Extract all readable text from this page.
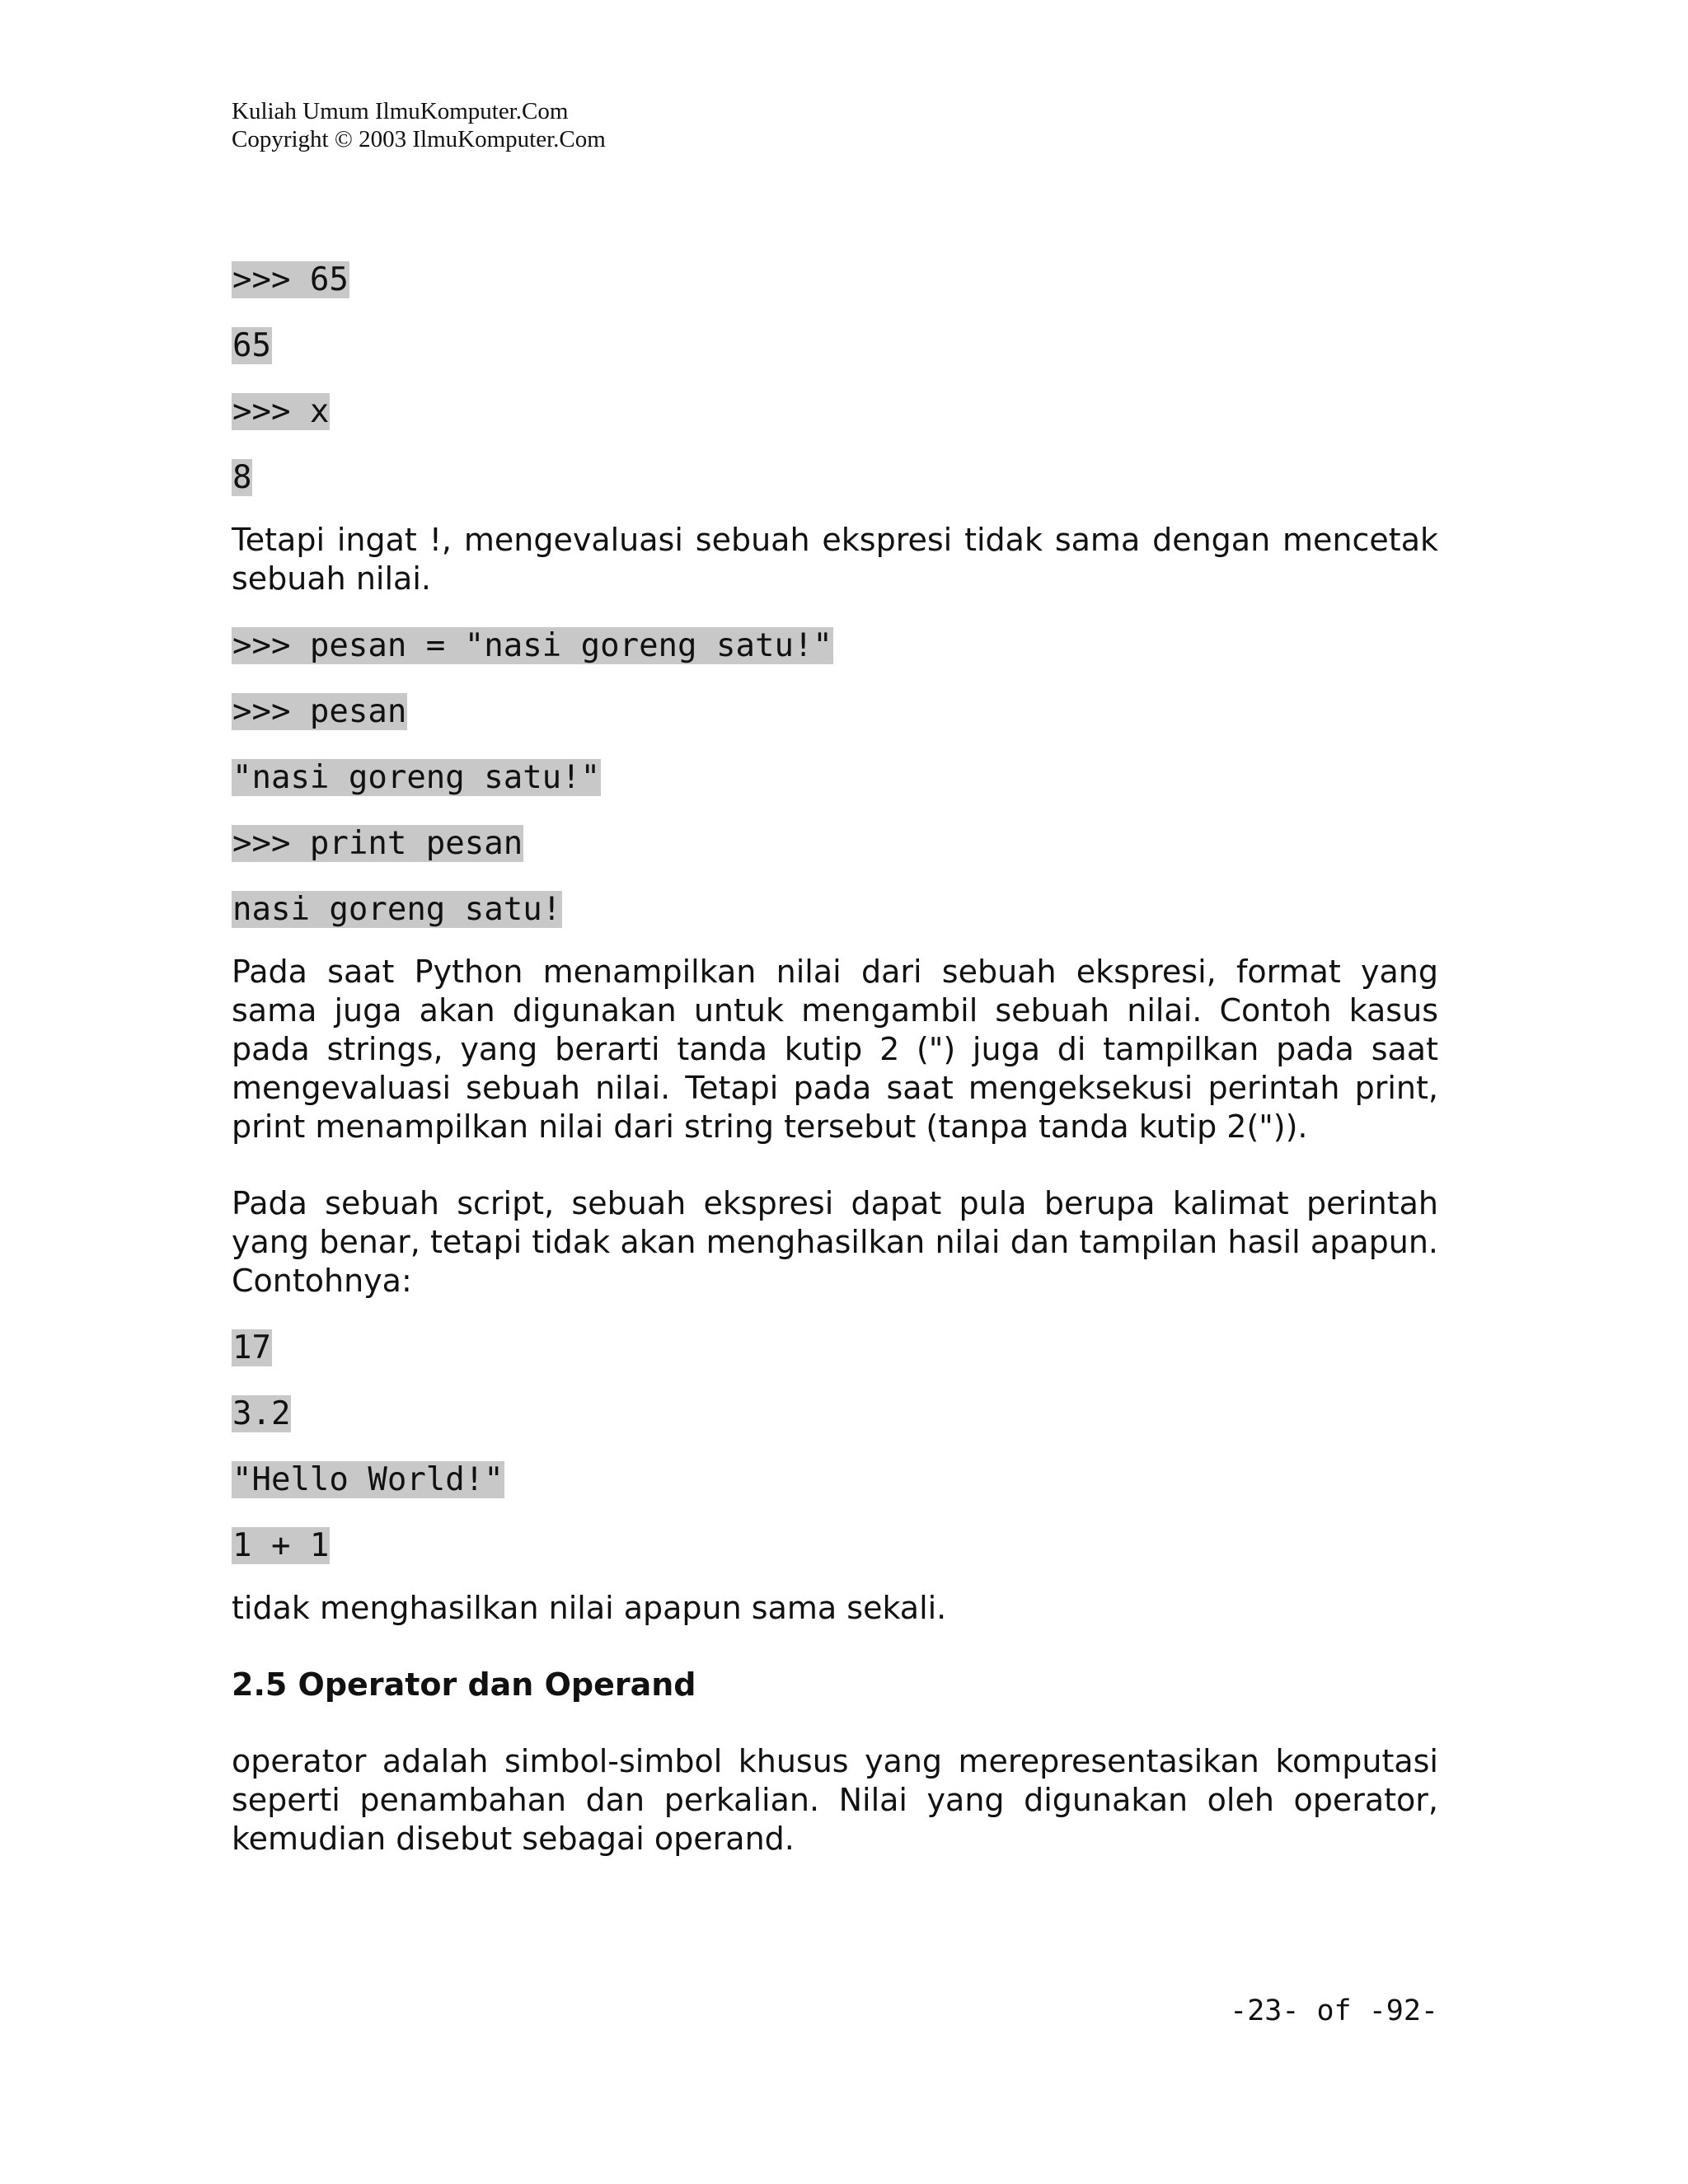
Kuliah Umum IlmuKomputer.Com
Copyright © 2003 IlmuKomputer.Com
>>> 65
65
>>> x
8

Tetapi ingat !, mengevaluasi sebuah ekspresi tidak sama dengan mencetak sebuah nilai.

>>> pesan = "nasi goreng satu!"
>>> pesan
"nasi goreng satu!"
>>> print pesan
nasi goreng satu!

Pada saat Python menampilkan nilai dari sebuah ekspresi, format yang sama juga akan digunakan untuk mengambil sebuah nilai. Contoh kasus pada strings, yang berarti tanda kutip 2 (") juga di tampilkan pada saat mengevaluasi sebuah nilai. Tetapi pada saat mengeksekusi perintah print, print menampilkan nilai dari string tersebut (tanpa tanda kutip 2(")).

Pada sebuah script, sebuah ekspresi dapat pula berupa kalimat perintah yang benar, tetapi tidak akan menghasilkan nilai dan tampilan hasil apapun. Contohnya:

17
3.2
"Hello World!"
1 + 1

tidak menghasilkan nilai apapun sama sekali.

2.5 Operator dan Operand

operator adalah simbol-simbol khusus yang merepresentasikan komputasi seperti penambahan dan perkalian. Nilai yang digunakan oleh operator, kemudian disebut sebagai operand.

-23- of -92-
